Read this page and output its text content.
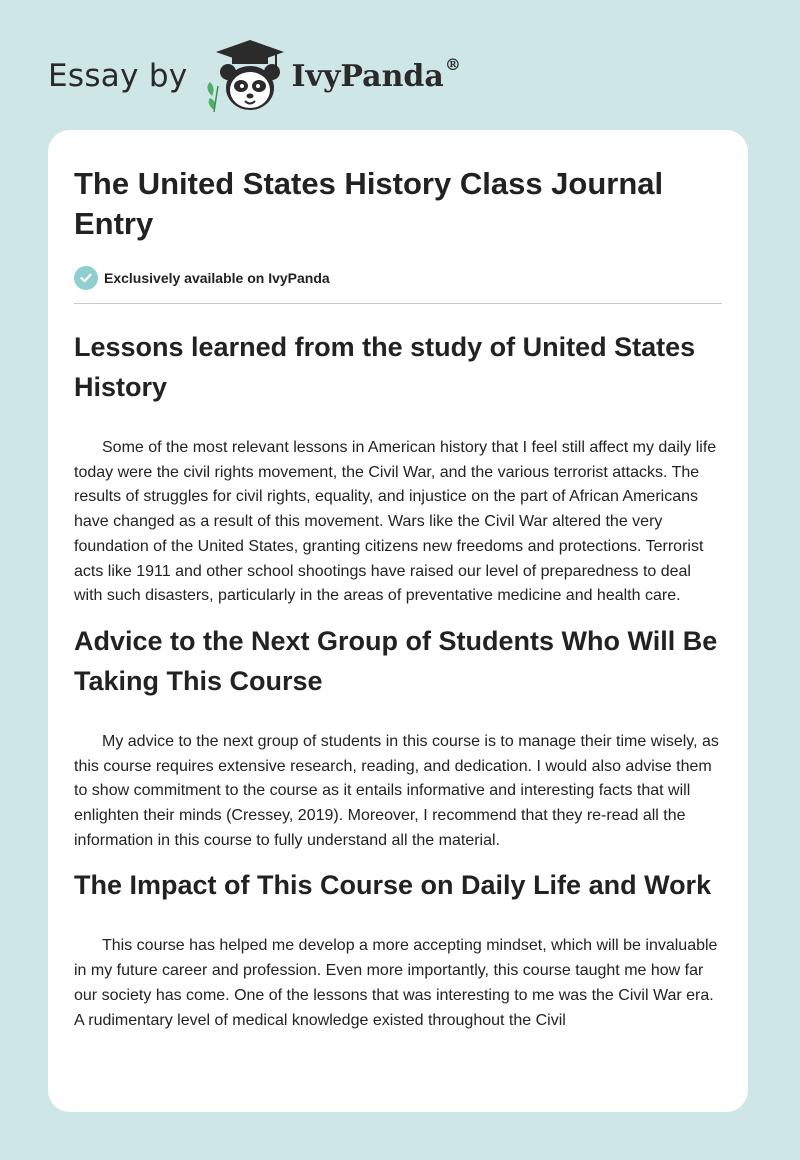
Essay by	IvyPanda®
The United States History Class Journal Entry
Exclusively available on IvyPanda
Lessons learned from the study of United States History

Some of the most relevant lessons in American history that I feel still affect my daily life today were the civil rights movement, the Civil War, and the various terrorist attacks. The results of struggles for civil rights, equality, and injustice on the part of African Americans have changed as a result of this movement. Wars like the Civil War altered the very foundation of the United States, granting citizens new freedoms and protections. Terrorist acts like 1911 and other school shootings have raised our level of preparedness to deal with such disasters, particularly in the areas of preventative medicine and health care.

Advice to the Next Group of Students Who Will Be Taking This Course

My advice to the next group of students in this course is to manage their time wisely, as this course requires extensive research, reading, and dedication. I would also advise them to show commitment to the course as it entails informative and interesting facts that will enlighten their minds (Cressey, 2019). Moreover, I recommend that they re-read all the information in this course to fully understand all the material.

The Impact of This Course on Daily Life and Work

This course has helped me develop a more accepting mindset, which will be invaluable in my future career and profession. Even more importantly, this course taught me how far our society has come. One of the lessons that was interesting to me was the Civil War era. A rudimentary level of medical knowledge existed throughout the Civil
